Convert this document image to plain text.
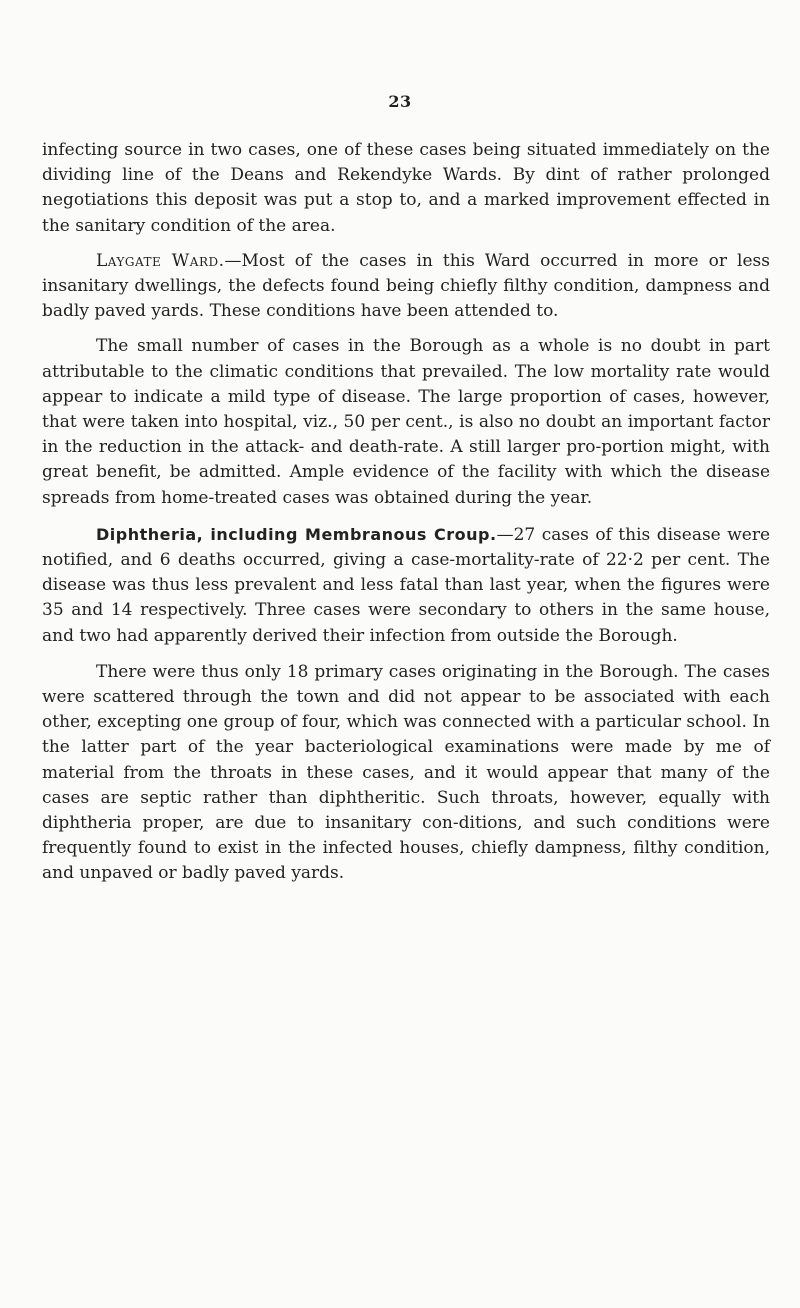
23

infecting source in two cases, one of these cases being situated immediately on the dividing line of the Deans and Rekendyke Wards. By dint of rather prolonged negotiations this deposit was put a stop to, and a marked improvement effected in the sanitary condition of the area.

Laygate Ward.—Most of the cases in this Ward occurred in more or less insanitary dwellings, the defects found being chiefly filthy condition, dampness and badly paved yards. These conditions have been attended to.

The small number of cases in the Borough as a whole is no doubt in part attributable to the climatic conditions that prevailed. The low mortality rate would appear to indicate a mild type of disease. The large proportion of cases, however, that were taken into hospital, viz., 50 per cent., is also no doubt an important factor in the reduction in the attack- and death-rate. A still larger pro-portion might, with great benefit, be admitted. Ample evidence of the facility with which the disease spreads from home-treated cases was obtained during the year.

Diphtheria, including Membranous Croup.—27 cases of this disease were notified, and 6 deaths occurred, giving a case-mortality-rate of 22·2 per cent. The disease was thus less prevalent and less fatal than last year, when the figures were 35 and 14 respectively. Three cases were secondary to others in the same house, and two had apparently derived their infection from outside the Borough.

There were thus only 18 primary cases originating in the Borough. The cases were scattered through the town and did not appear to be associated with each other, excepting one group of four, which was connected with a particular school. In the latter part of the year bacteriological examinations were made by me of material from the throats in these cases, and it would appear that many of the cases are septic rather than diphtheritic. Such throats, however, equally with diphtheria proper, are due to insanitary con-ditions, and such conditions were frequently found to exist in the infected houses, chiefly dampness, filthy condition, and unpaved or badly paved yards.
